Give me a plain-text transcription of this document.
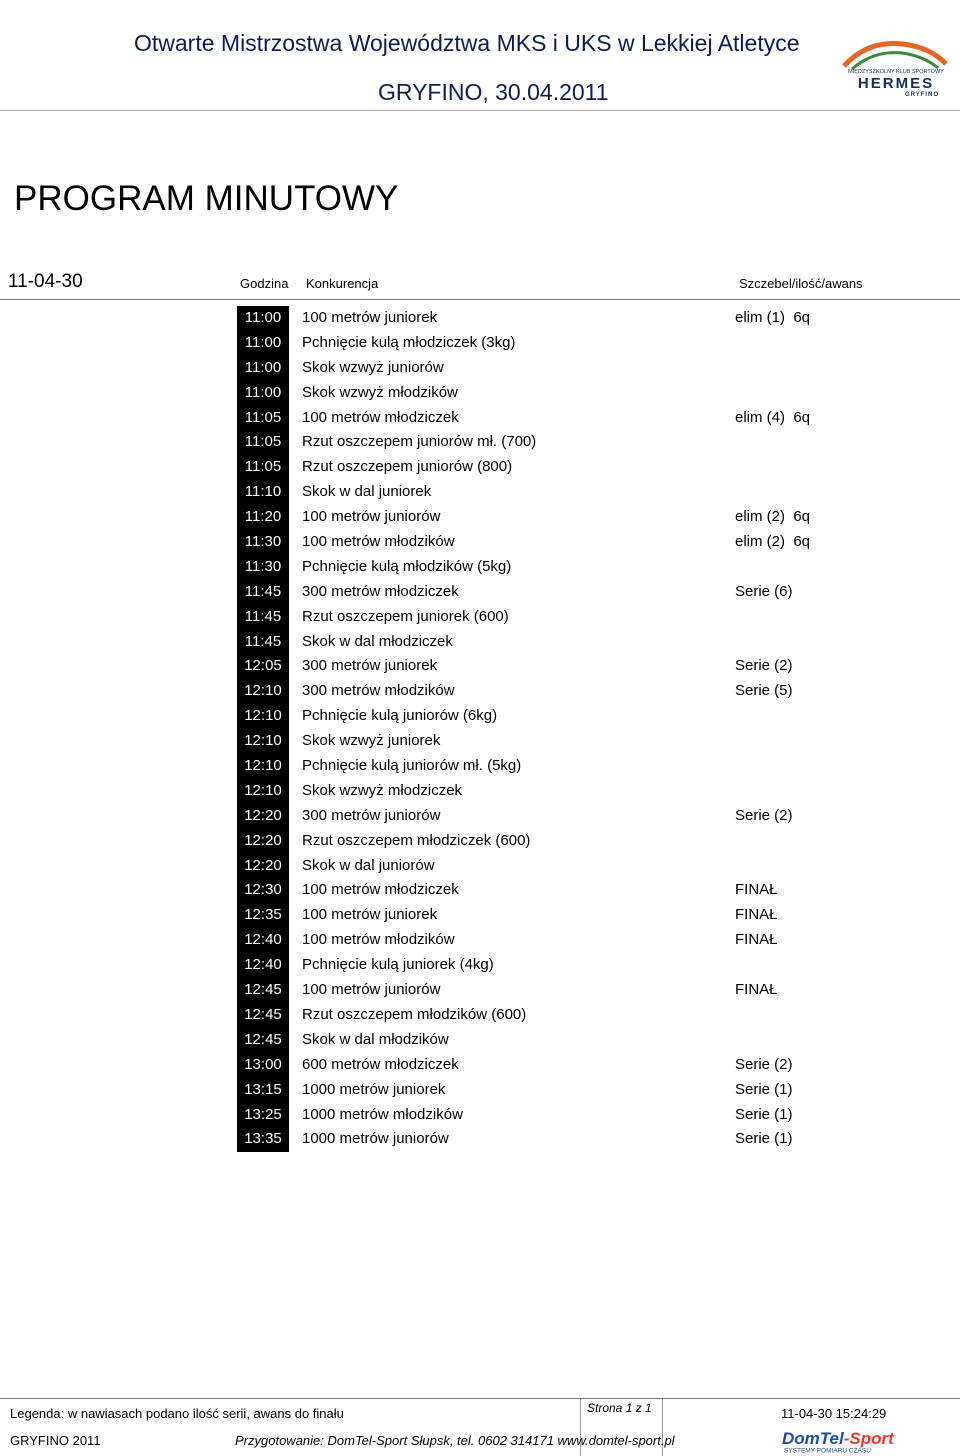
Otwarte Mistrzostwa Województwa MKS i UKS w Lekkiej Atletyce
GRYFINO, 30.04.2011
MIĘDZYSZKOLNY KLUB SPORTOWY
HERMES
GRYFINO
PROGRAM MINUTOWY
11-04-30	Godzina Konkurencja	Szczebel/ilość/awans
11:00	100 metrów juniorek	elim (1)  6q
11:00	Pchnięcie kulą młodziczek (3kg)
11:00	Skok wzwyż juniorów
11:00	Skok wzwyż młodzików
11:05	100 metrów młodziczek	elim (4)  6q
11:05	Rzut oszczepem juniorów mł. (700)
11:05	Rzut oszczepem juniorów (800)
11:10	Skok w dal juniorek
11:20	100 metrów juniorów	elim (2)  6q
11:30	100 metrów młodzików	elim (2)  6q
11:30	Pchnięcie kulą młodzików (5kg)
11:45	300 metrów młodziczek	Serie (6)
11:45	Rzut oszczepem juniorek (600)
11:45	Skok w dal młodziczek
12:05	300 metrów juniorek	Serie (2)
12:10	300 metrów młodzików	Serie (5)
12:10	Pchnięcie kulą juniorów (6kg)
12:10	Skok wzwyż juniorek
12:10	Pchnięcie kulą juniorów mł. (5kg)
12:10	Skok wzwyż młodziczek
12:20	300 metrów juniorów	Serie (2)
12:20	Rzut oszczepem młodziczek (600)
12:20	Skok w dal juniorów
12:30	100 metrów młodziczek	FINAŁ
12:35	100 metrów juniorek	FINAŁ
12:40	100 metrów młodzików	FINAŁ
12:40	Pchnięcie kulą juniorek (4kg)
12:45	100 metrów juniorów	FINAŁ
12:45	Rzut oszczepem młodzików (600)
12:45	Skok w dal młodzików
13:00	600 metrów młodziczek	Serie (2)
13:15	1000 metrów juniorek	Serie (1)
13:25	1000 metrów młodzików	Serie (1)
13:35	1000 metrów juniorów	Serie (1)
Legenda: w nawiasach podano ilość serii, awans do finału	Strona 1 z 1	11-04-30 15:24:29
GRYFINO 2011	Przygotowanie: DomTel-Sport Słupsk, tel. 0602 314171 www.domtel-sport.pl	DomTel-Sport
SYSTEMY POMIARU CZASU
